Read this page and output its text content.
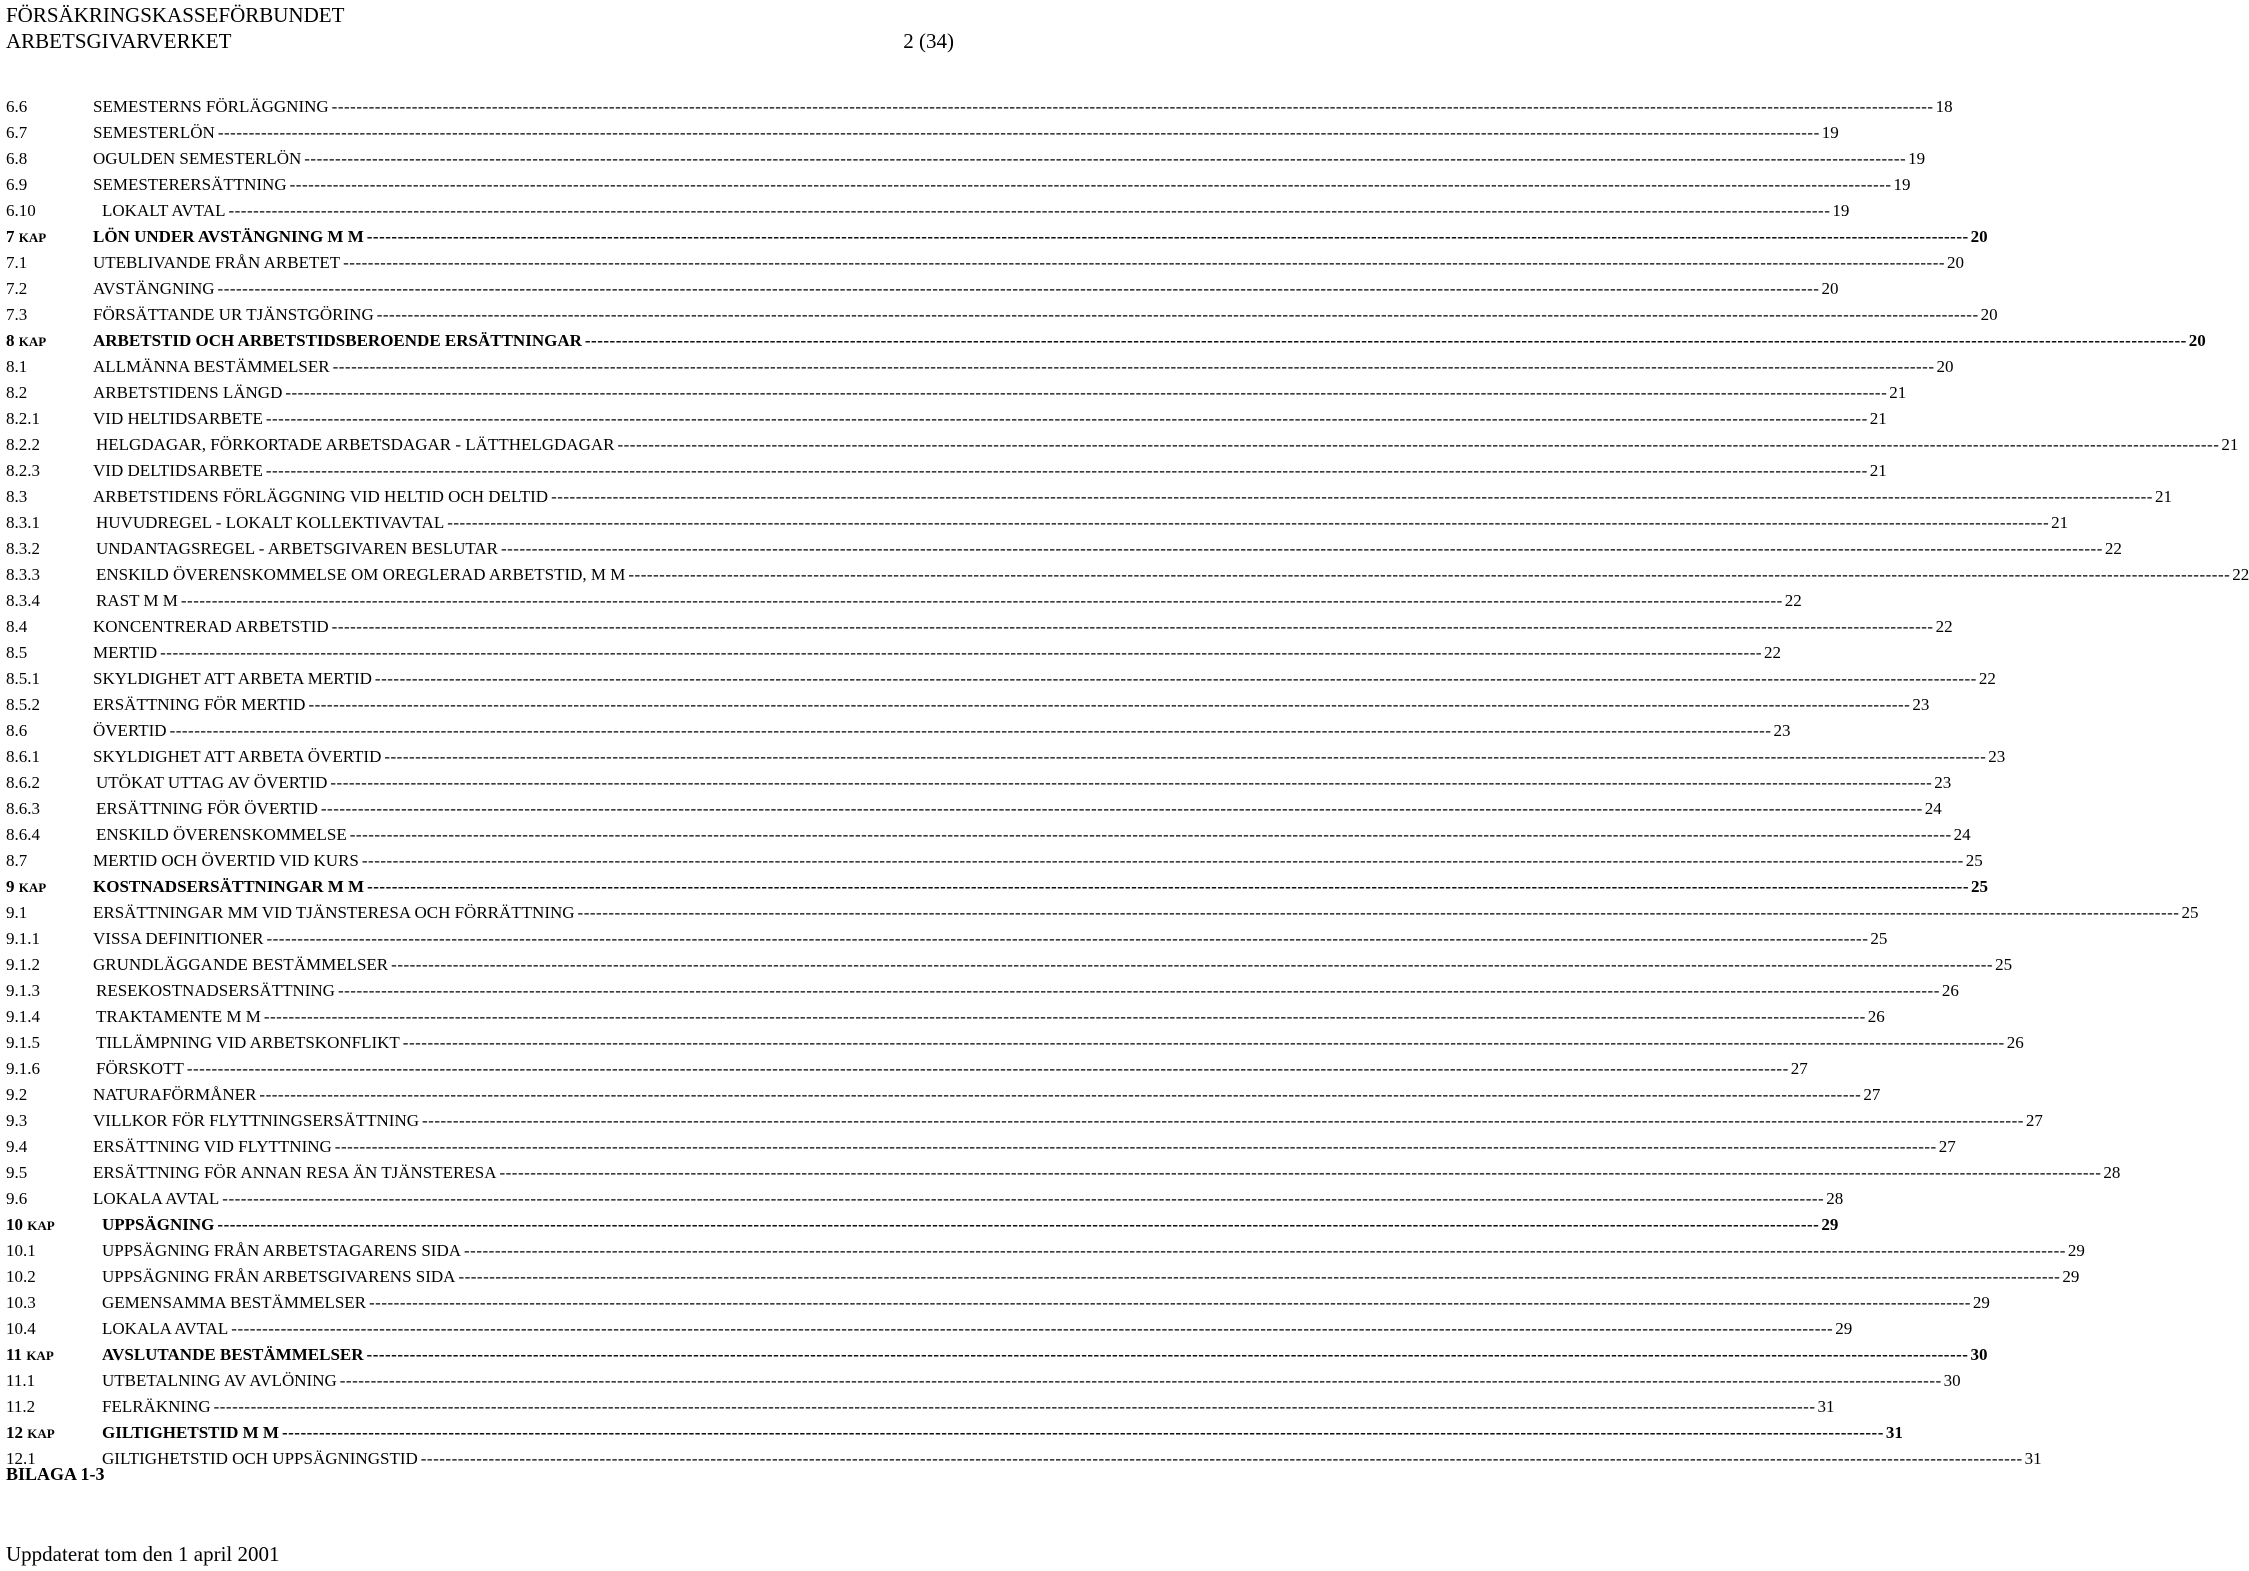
FÖRSÄKRINGSKASSEFÖRBUNDET
ARBETSGIVARVERKET	2 (34)
6.6	SEMESTERNS FÖRLÄGGNING -------------------------------------------------------------------------------------------------------------------------------------------------------------------------------------------------------------------------------------------------------------------- 18
6.7	SEMESTERLÖN -------------------------------------------------------------------------------------------------------------------------------------------------------------------------------------------------------------------------------------------------------------------- 19
6.8	OGULDEN SEMESTERLÖN -------------------------------------------------------------------------------------------------------------------------------------------------------------------------------------------------------------------------------------------------------------------- 19
6.9	SEMESTERERSÄTTNING -------------------------------------------------------------------------------------------------------------------------------------------------------------------------------------------------------------------------------------------------------------------- 19
6.10	LOKALT AVTAL -------------------------------------------------------------------------------------------------------------------------------------------------------------------------------------------------------------------------------------------------------------------- 19
7 KAP	LÖN UNDER AVSTÄNGNING M M -------------------------------------------------------------------------------------------------------------------------------------------------------------------------------------------------------------------------------------------------------------------- 20
7.1	UTEBLIVANDE FRÅN ARBETET -------------------------------------------------------------------------------------------------------------------------------------------------------------------------------------------------------------------------------------------------------------------- 20
7.2	AVSTÄNGNING -------------------------------------------------------------------------------------------------------------------------------------------------------------------------------------------------------------------------------------------------------------------- 20
7.3	FÖRSÄTTANDE UR TJÄNSTGÖRING -------------------------------------------------------------------------------------------------------------------------------------------------------------------------------------------------------------------------------------------------------------------- 20
8 KAP	ARBETSTID OCH ARBETSTIDSBEROENDE ERSÄTTNINGAR -------------------------------------------------------------------------------------------------------------------------------------------------------------------------------------------------------------------------------------------------------------------- 20
8.1	ALLMÄNNA BESTÄMMELSER -------------------------------------------------------------------------------------------------------------------------------------------------------------------------------------------------------------------------------------------------------------------- 20
8.2	ARBETSTIDENS LÄNGD -------------------------------------------------------------------------------------------------------------------------------------------------------------------------------------------------------------------------------------------------------------------- 21
8.2.1	VID HELTIDSARBETE -------------------------------------------------------------------------------------------------------------------------------------------------------------------------------------------------------------------------------------------------------------------- 21
8.2.2	HELGDAGAR, FÖRKORTADE ARBETSDAGAR - LÄTTHELGDAGAR -------------------------------------------------------------------------------------------------------------------------------------------------------------------------------------------------------------------------------------------------------------------- 21
8.2.3	VID DELTIDSARBETE -------------------------------------------------------------------------------------------------------------------------------------------------------------------------------------------------------------------------------------------------------------------- 21
8.3	ARBETSTIDENS FÖRLÄGGNING VID HELTID OCH DELTID -------------------------------------------------------------------------------------------------------------------------------------------------------------------------------------------------------------------------------------------------------------------- 21
8.3.1	HUVUDREGEL - LOKALT KOLLEKTIVAVTAL -------------------------------------------------------------------------------------------------------------------------------------------------------------------------------------------------------------------------------------------------------------------- 21
8.3.2	UNDANTAGSREGEL - ARBETSGIVAREN BESLUTAR -------------------------------------------------------------------------------------------------------------------------------------------------------------------------------------------------------------------------------------------------------------------- 22
8.3.3	ENSKILD ÖVERENSKOMMELSE OM OREGLERAD ARBETSTID, M M -------------------------------------------------------------------------------------------------------------------------------------------------------------------------------------------------------------------------------------------------------------------- 22
8.3.4	RAST M M -------------------------------------------------------------------------------------------------------------------------------------------------------------------------------------------------------------------------------------------------------------------- 22
8.4	KONCENTRERAD ARBETSTID -------------------------------------------------------------------------------------------------------------------------------------------------------------------------------------------------------------------------------------------------------------------- 22
8.5	MERTID -------------------------------------------------------------------------------------------------------------------------------------------------------------------------------------------------------------------------------------------------------------------- 22
8.5.1	SKYLDIGHET ATT ARBETA MERTID -------------------------------------------------------------------------------------------------------------------------------------------------------------------------------------------------------------------------------------------------------------------- 22
8.5.2	ERSÄTTNING FÖR MERTID -------------------------------------------------------------------------------------------------------------------------------------------------------------------------------------------------------------------------------------------------------------------- 23
8.6	ÖVERTID -------------------------------------------------------------------------------------------------------------------------------------------------------------------------------------------------------------------------------------------------------------------- 23
8.6.1	SKYLDIGHET ATT ARBETA ÖVERTID -------------------------------------------------------------------------------------------------------------------------------------------------------------------------------------------------------------------------------------------------------------------- 23
8.6.2	UTÖKAT UTTAG AV ÖVERTID -------------------------------------------------------------------------------------------------------------------------------------------------------------------------------------------------------------------------------------------------------------------- 23
8.6.3	ERSÄTTNING FÖR ÖVERTID -------------------------------------------------------------------------------------------------------------------------------------------------------------------------------------------------------------------------------------------------------------------- 24
8.6.4	ENSKILD ÖVERENSKOMMELSE -------------------------------------------------------------------------------------------------------------------------------------------------------------------------------------------------------------------------------------------------------------------- 24
8.7	MERTID OCH ÖVERTID VID KURS -------------------------------------------------------------------------------------------------------------------------------------------------------------------------------------------------------------------------------------------------------------------- 25
9 KAP	KOSTNADSERSÄTTNINGAR M M -------------------------------------------------------------------------------------------------------------------------------------------------------------------------------------------------------------------------------------------------------------------- 25
9.1	ERSÄTTNINGAR MM VID TJÄNSTERESA OCH FÖRRÄTTNING -------------------------------------------------------------------------------------------------------------------------------------------------------------------------------------------------------------------------------------------------------------------- 25
9.1.1	VISSA DEFINITIONER -------------------------------------------------------------------------------------------------------------------------------------------------------------------------------------------------------------------------------------------------------------------- 25
9.1.2	GRUNDLÄGGANDE BESTÄMMELSER -------------------------------------------------------------------------------------------------------------------------------------------------------------------------------------------------------------------------------------------------------------------- 25
9.1.3	RESEKOSTNADSERSÄTTNING -------------------------------------------------------------------------------------------------------------------------------------------------------------------------------------------------------------------------------------------------------------------- 26
9.1.4	TRAKTAMENTE M M -------------------------------------------------------------------------------------------------------------------------------------------------------------------------------------------------------------------------------------------------------------------- 26
9.1.5	TILLÄMPNING VID ARBETSKONFLIKT -------------------------------------------------------------------------------------------------------------------------------------------------------------------------------------------------------------------------------------------------------------------- 26
9.1.6	FÖRSKOTT -------------------------------------------------------------------------------------------------------------------------------------------------------------------------------------------------------------------------------------------------------------------- 27
9.2	NATURAFÖRMÅNER -------------------------------------------------------------------------------------------------------------------------------------------------------------------------------------------------------------------------------------------------------------------- 27
9.3	VILLKOR FÖR FLYTTNINGSERSÄTTNING -------------------------------------------------------------------------------------------------------------------------------------------------------------------------------------------------------------------------------------------------------------------- 27
9.4	ERSÄTTNING VID FLYTTNING -------------------------------------------------------------------------------------------------------------------------------------------------------------------------------------------------------------------------------------------------------------------- 27
9.5	ERSÄTTNING FÖR ANNAN RESA ÄN TJÄNSTERESA -------------------------------------------------------------------------------------------------------------------------------------------------------------------------------------------------------------------------------------------------------------------- 28
9.6	LOKALA AVTAL -------------------------------------------------------------------------------------------------------------------------------------------------------------------------------------------------------------------------------------------------------------------- 28
10 KAP	UPPSÄGNING -------------------------------------------------------------------------------------------------------------------------------------------------------------------------------------------------------------------------------------------------------------------- 29
10.1	UPPSÄGNING FRÅN ARBETSTAGARENS SIDA -------------------------------------------------------------------------------------------------------------------------------------------------------------------------------------------------------------------------------------------------------------------- 29
10.2	UPPSÄGNING FRÅN ARBETSGIVARENS SIDA -------------------------------------------------------------------------------------------------------------------------------------------------------------------------------------------------------------------------------------------------------------------- 29
10.3	GEMENSAMMA BESTÄMMELSER -------------------------------------------------------------------------------------------------------------------------------------------------------------------------------------------------------------------------------------------------------------------- 29
10.4	LOKALA AVTAL -------------------------------------------------------------------------------------------------------------------------------------------------------------------------------------------------------------------------------------------------------------------- 29
11 KAP	AVSLUTANDE BESTÄMMELSER -------------------------------------------------------------------------------------------------------------------------------------------------------------------------------------------------------------------------------------------------------------------- 30
11.1	UTBETALNING AV AVLÖNING -------------------------------------------------------------------------------------------------------------------------------------------------------------------------------------------------------------------------------------------------------------------- 30
11.2	FELRÄKNING -------------------------------------------------------------------------------------------------------------------------------------------------------------------------------------------------------------------------------------------------------------------- 31
12 KAP	GILTIGHETSTID M M -------------------------------------------------------------------------------------------------------------------------------------------------------------------------------------------------------------------------------------------------------------------- 31
12.1	GILTIGHETSTID OCH UPPSÄGNINGSTID -------------------------------------------------------------------------------------------------------------------------------------------------------------------------------------------------------------------------------------------------------------------- 31
BILAGA 1-3
Uppdaterat tom den 1 april 2001
